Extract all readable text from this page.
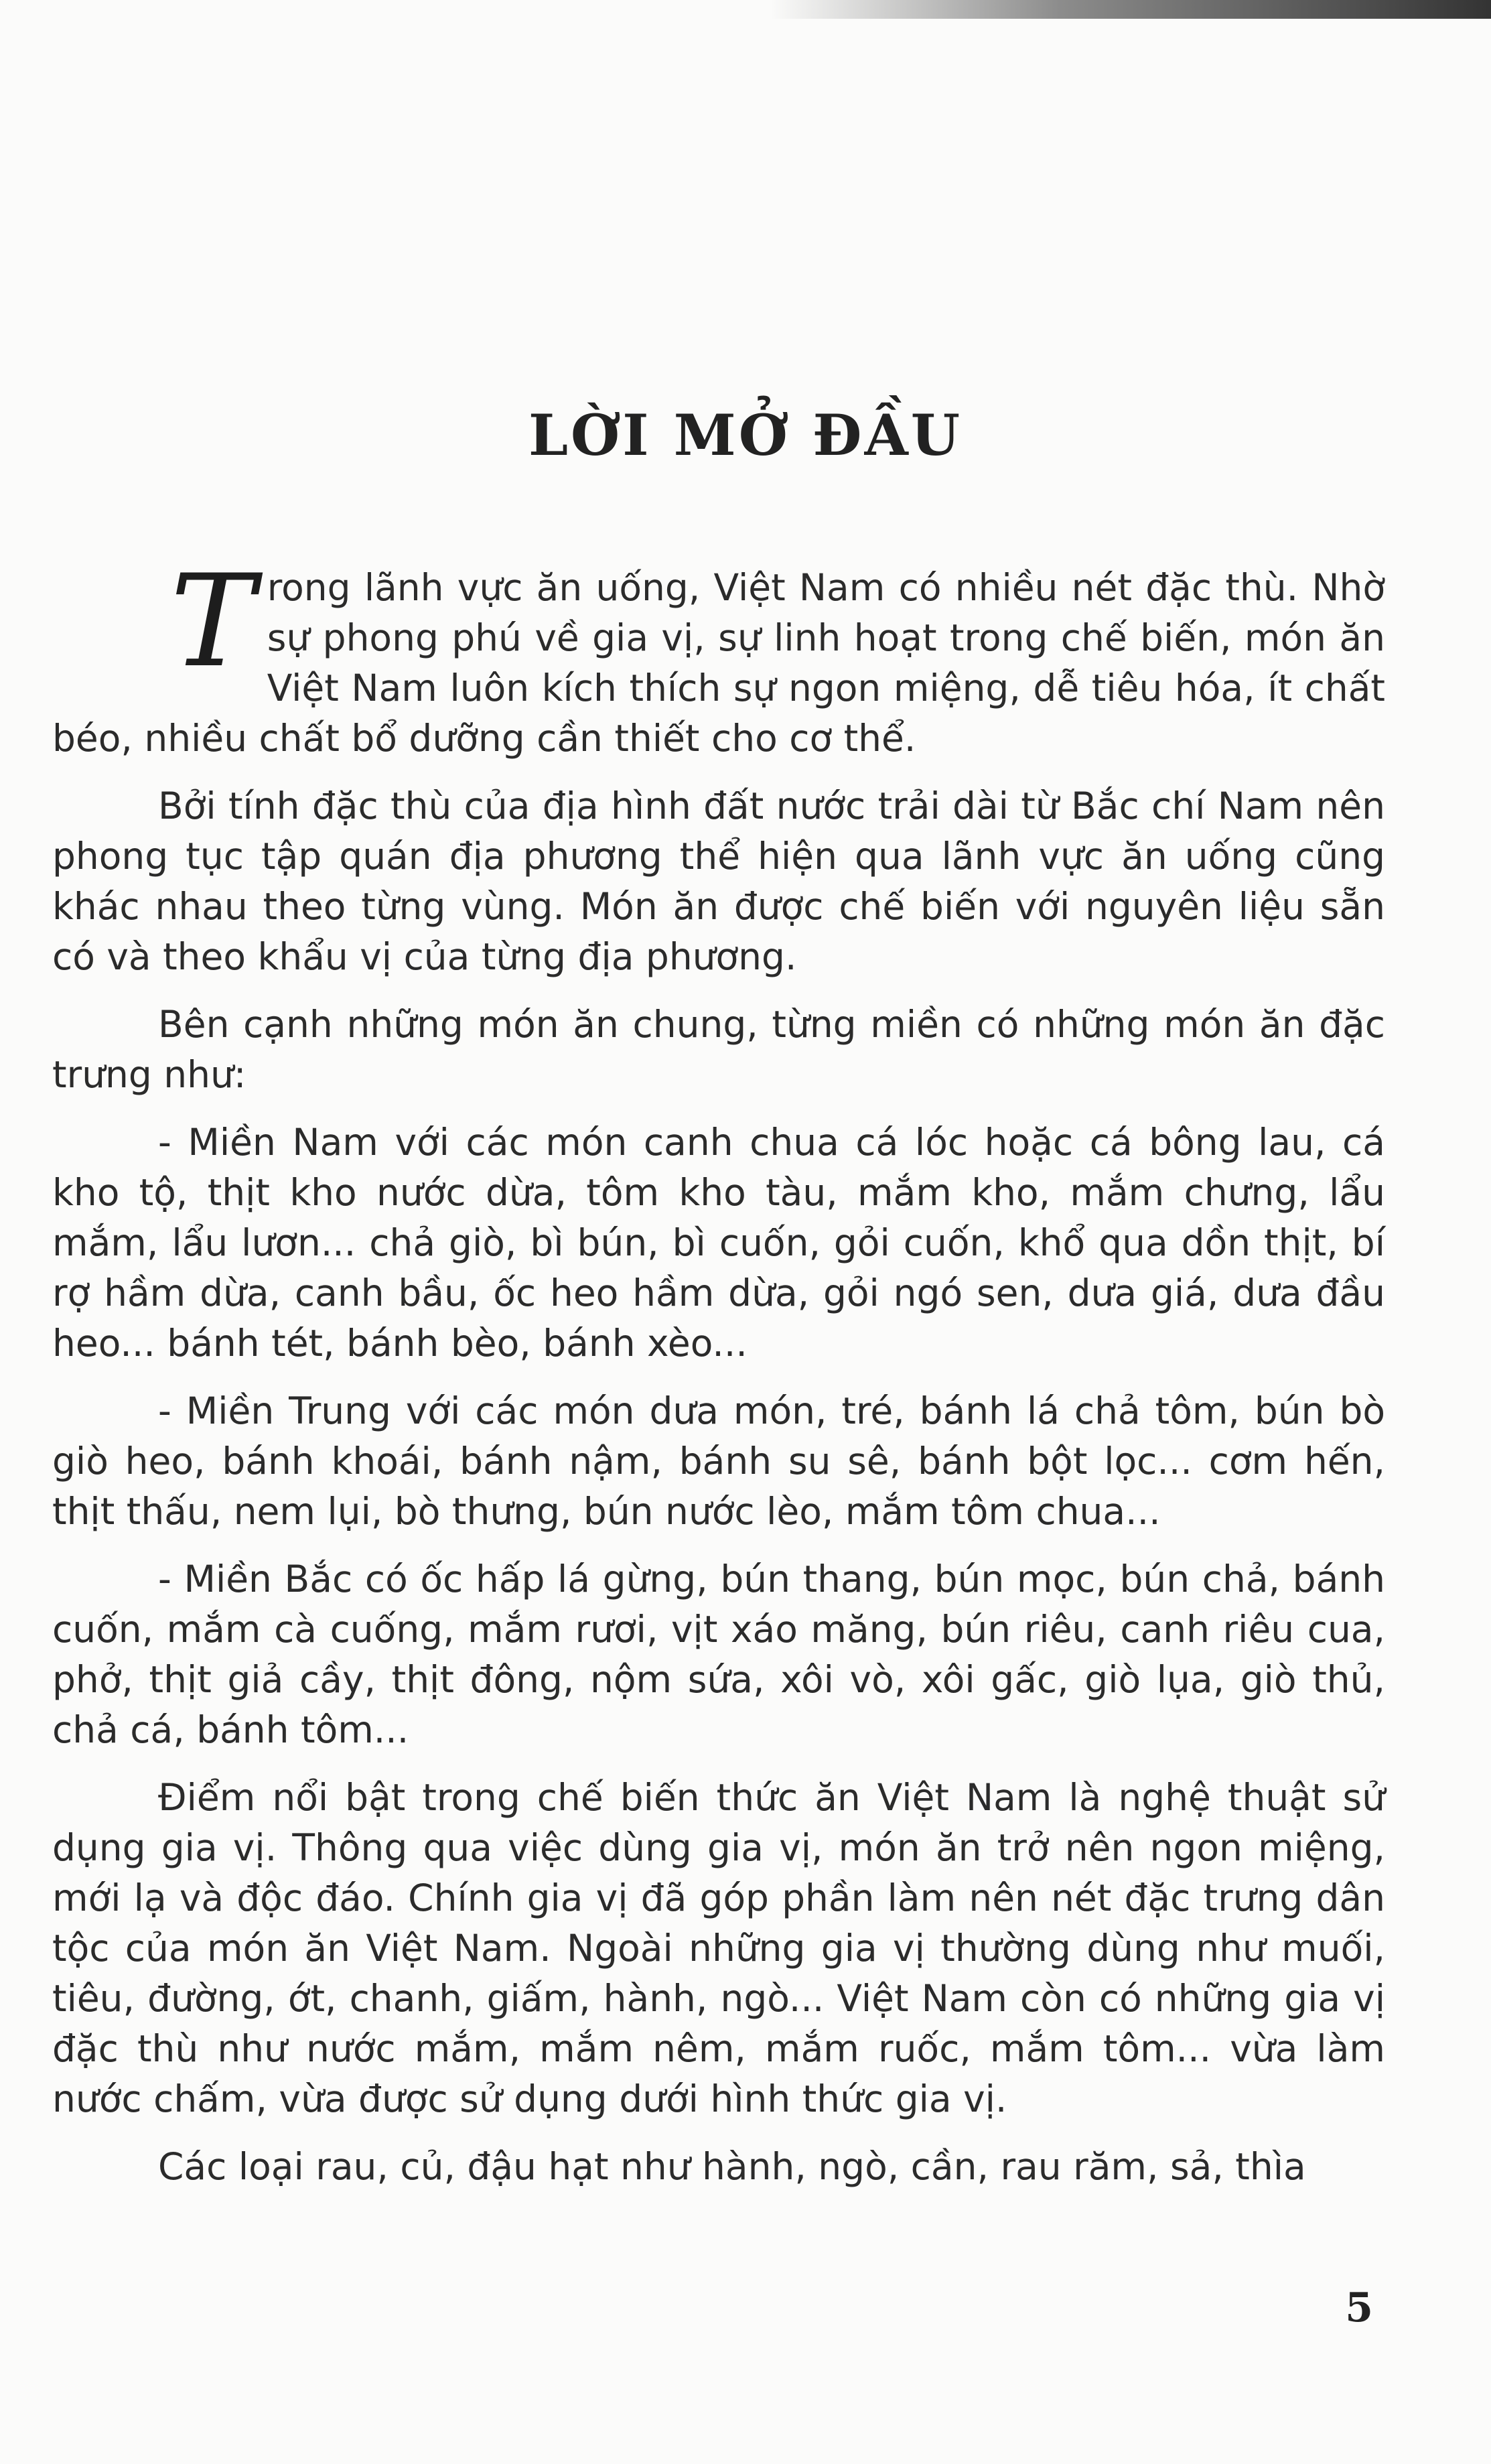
LỜI MỞ ĐẦU

Trong lãnh vực ăn uống, Việt Nam có nhiều nét đặc thù. Nhờ sự phong phú về gia vị, sự linh hoạt trong chế biến, món ăn Việt Nam luôn kích thích sự ngon miệng, dễ tiêu hóa, ít chất béo, nhiều chất bổ dưỡng cần thiết cho cơ thể.

Bởi tính đặc thù của địa hình đất nước trải dài từ Bắc chí Nam nên phong tục tập quán địa phương thể hiện qua lãnh vực ăn uống cũng khác nhau theo từng vùng. Món ăn được chế biến với nguyên liệu sẵn có và theo khẩu vị của từng địa phương.

Bên cạnh những món ăn chung, từng miền có những món ăn đặc trưng như:

- Miền Nam với các món canh chua cá lóc hoặc cá bông lau, cá kho tộ, thịt kho nước dừa, tôm kho tàu, mắm kho, mắm chưng, lẩu mắm, lẩu lươn... chả giò, bì bún, bì cuốn, gỏi cuốn, khổ qua dồn thịt, bí rợ hầm dừa, canh bầu, ốc heo hầm dừa, gỏi ngó sen, dưa giá, dưa đầu heo... bánh tét, bánh bèo, bánh xèo...

- Miền Trung với các món dưa món, tré, bánh lá chả tôm, bún bò giò heo, bánh khoái, bánh nậm, bánh su sê, bánh bột lọc... cơm hến, thịt thấu, nem lụi, bò thưng, bún nước lèo, mắm tôm chua...

- Miền Bắc có ốc hấp lá gừng, bún thang, bún mọc, bún chả, bánh cuốn, mắm cà cuống, mắm rươi, vịt xáo măng, bún riêu, canh riêu cua, phở, thịt giả cầy, thịt đông, nộm sứa, xôi vò, xôi gấc, giò lụa, giò thủ, chả cá, bánh tôm...

Điểm nổi bật trong chế biến thức ăn Việt Nam là nghệ thuật sử dụng gia vị. Thông qua việc dùng gia vị, món ăn trở nên ngon miệng, mới lạ và độc đáo. Chính gia vị đã góp phần làm nên nét đặc trưng dân tộc của món ăn Việt Nam. Ngoài những gia vị thường dùng như muối, tiêu, đường, ớt, chanh, giấm, hành, ngò... Việt Nam còn có những gia vị đặc thù như nước mắm, mắm nêm, mắm ruốc, mắm tôm... vừa làm nước chấm, vừa được sử dụng dưới hình thức gia vị.

Các loại rau, củ, đậu hạt như hành, ngò, cần, rau răm, sả, thìa

5
